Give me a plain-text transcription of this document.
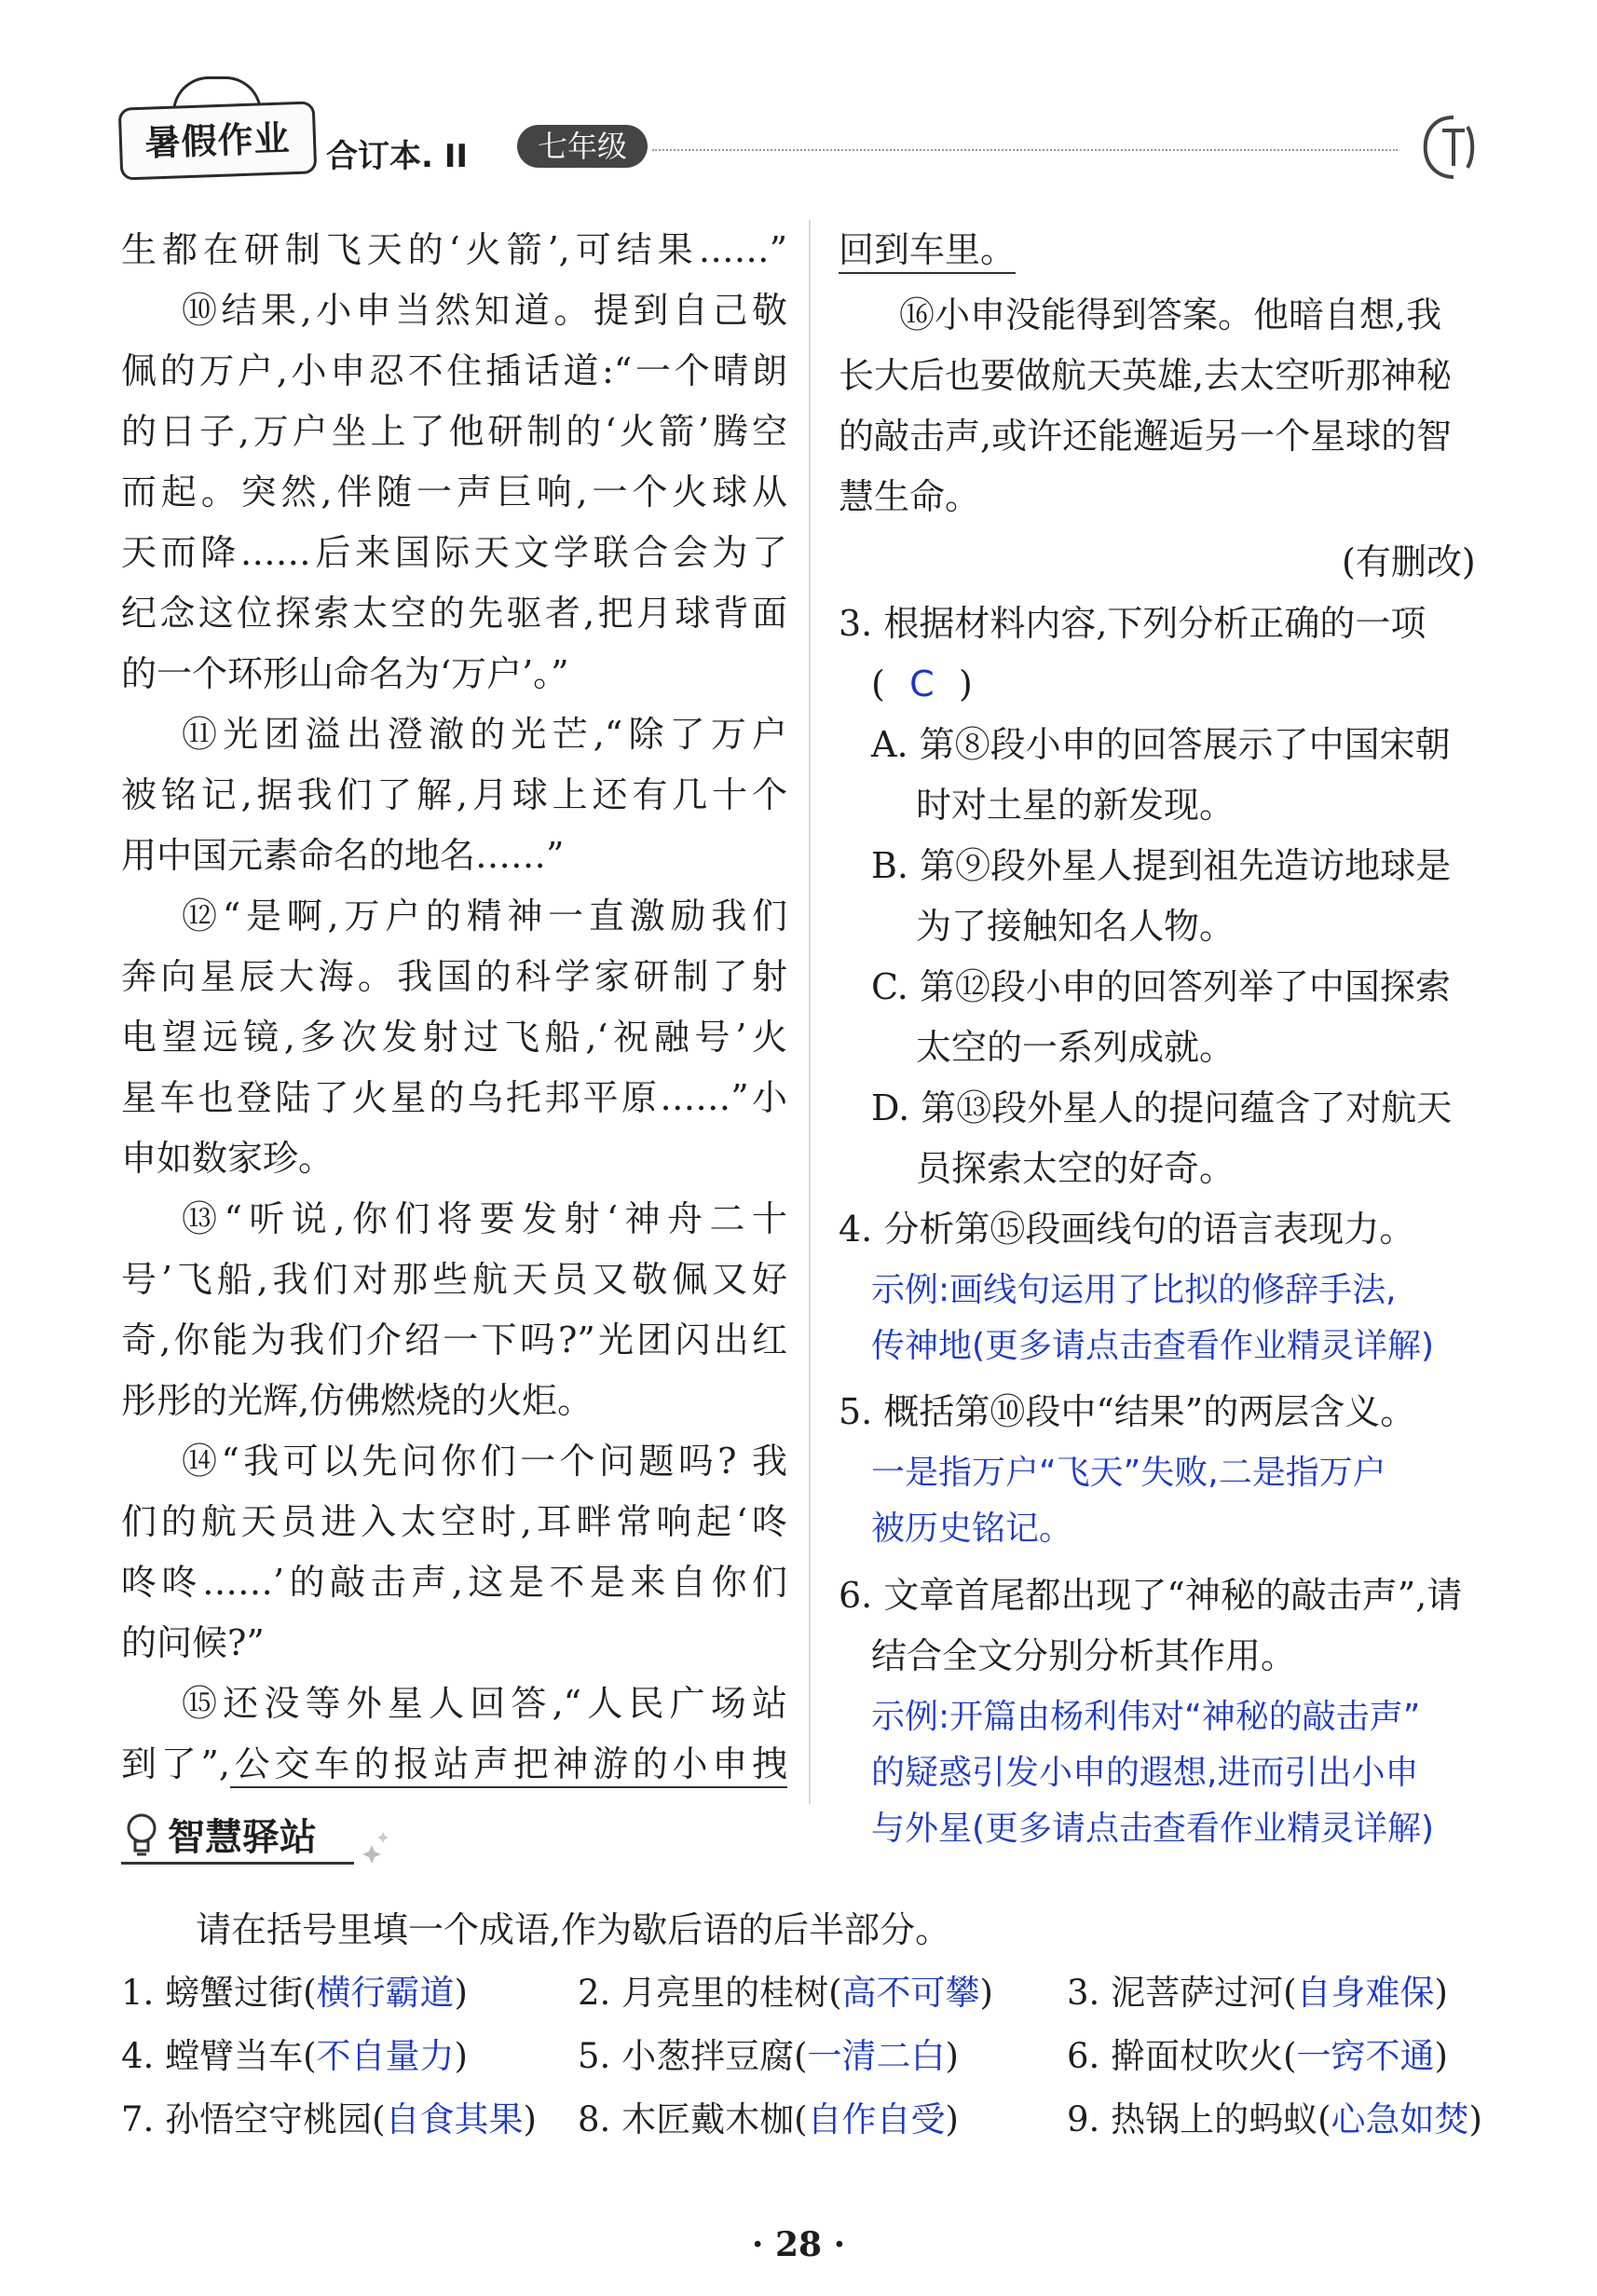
暑假作业	合订本. II	七年级
生都在研制飞天的‘火箭’,可结果……”
⑩结果,小申当然知道。提到自己敬
佩的万户,小申忍不住插话道:“一个晴朗
的日子,万户坐上了他研制的‘火箭’腾空
而起。突然,伴随一声巨响,一个火球从
天而降……后来国际天文学联合会为了
纪念这位探索太空的先驱者,把月球背面
的一个环形山命名为‘万户’。”
⑪光团溢出澄澈的光芒,“除了万户
被铭记,据我们了解,月球上还有几十个
用中国元素命名的地名……”
⑫“是啊,万户的精神一直激励我们
奔向星辰大海。我国的科学家研制了射
电望远镜,多次发射过飞船,‘祝融号’火
星车也登陆了火星的乌托邦平原……”小
申如数家珍。
⑬“听说,你们将要发射‘神舟二十
号’飞船,我们对那些航天员又敬佩又好
奇,你能为我们介绍一下吗?”光团闪出红
彤彤的光辉,仿佛燃烧的火炬。
⑭“我可以先问你们一个问题吗? 我
们的航天员进入太空时,耳畔常响起‘咚
咚咚……’的敲击声,这是不是来自你们
的问候?”
⑮还没等外星人回答,“人民广场站
到了”,公交车的报站声把神游的小申拽
回到车里。
⑯小申没能得到答案。他暗自想,我
长大后也要做航天英雄,去太空听那神秘
的敲击声,或许还能邂逅另一个星球的智
慧生命。
(有删改)
3. 根据材料内容,下列分析正确的一项
( C )
A. 第⑧段小申的回答展示了中国宋朝
时对土星的新发现。
B. 第⑨段外星人提到祖先造访地球是
为了接触知名人物。
C. 第⑫段小申的回答列举了中国探索
太空的一系列成就。
D. 第⑬段外星人的提问蕴含了对航天
员探索太空的好奇。
4. 分析第⑮段画线句的语言表现力。
示例:画线句运用了比拟的修辞手法,
传神地(更多请点击查看作业精灵详解)
5. 概括第⑩段中“结果”的两层含义。
一是指万户“飞天”失败,二是指万户
被历史铭记。
6. 文章首尾都出现了“神秘的敲击声”,请
结合全文分别分析其作用。
示例:开篇由杨利伟对“神秘的敲击声”
的疑惑引发小申的遐想,进而引出小申
与外星(更多请点击查看作业精灵详解)
智慧驿站
请在括号里填一个成语,作为歇后语的后半部分。
1. 螃蟹过街(横行霸道)	2. 月亮里的桂树(高不可攀) 3. 泥菩萨过河(自身难保)
4. 螳臂当车(不自量力)	5. 小葱拌豆腐(一清二白)	6. 擀面杖吹火(一窍不通)
7. 孙悟空守桃园(自食其果) 8. 木匠戴木枷(自作自受)	9. 热锅上的蚂蚁(心急如焚)
· 28 ·
